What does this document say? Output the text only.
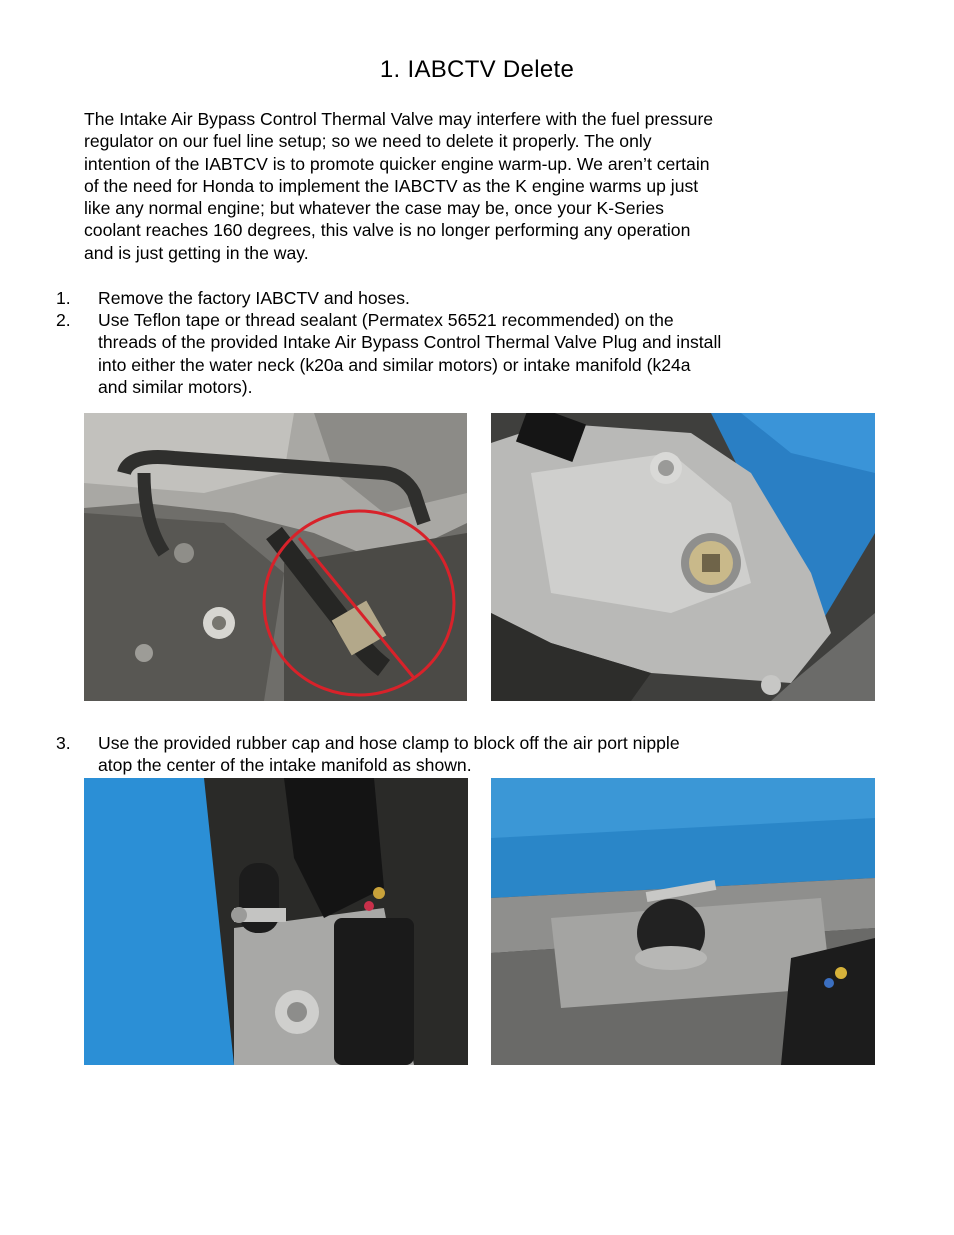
1. IABCTV Delete
The Intake Air Bypass Control Thermal Valve may interfere with the fuel pressure
regulator on our fuel line setup; so we need to delete it properly. The only
intention of the IABTCV is to promote quicker engine warm-up. We aren’t certain
of the need for Honda to implement the IABCTV as the K engine warms up just
like any normal engine; but whatever the case may be, once your K-Series
coolant reaches 160 degrees, this valve is no longer performing any operation
and is just getting in the way.
1. Remove the factory IABCTV and hoses.
2. Use Teflon tape or thread sealant (Permatex 56521 recommended) on the
threads of the provided Intake Air Bypass Control Thermal Valve Plug and install
into either the water neck (k20a and similar motors) or intake manifold (k24a
and similar motors).
3. Use the provided rubber cap and hose clamp to block off the air port nipple
atop the center of the intake manifold as shown.
